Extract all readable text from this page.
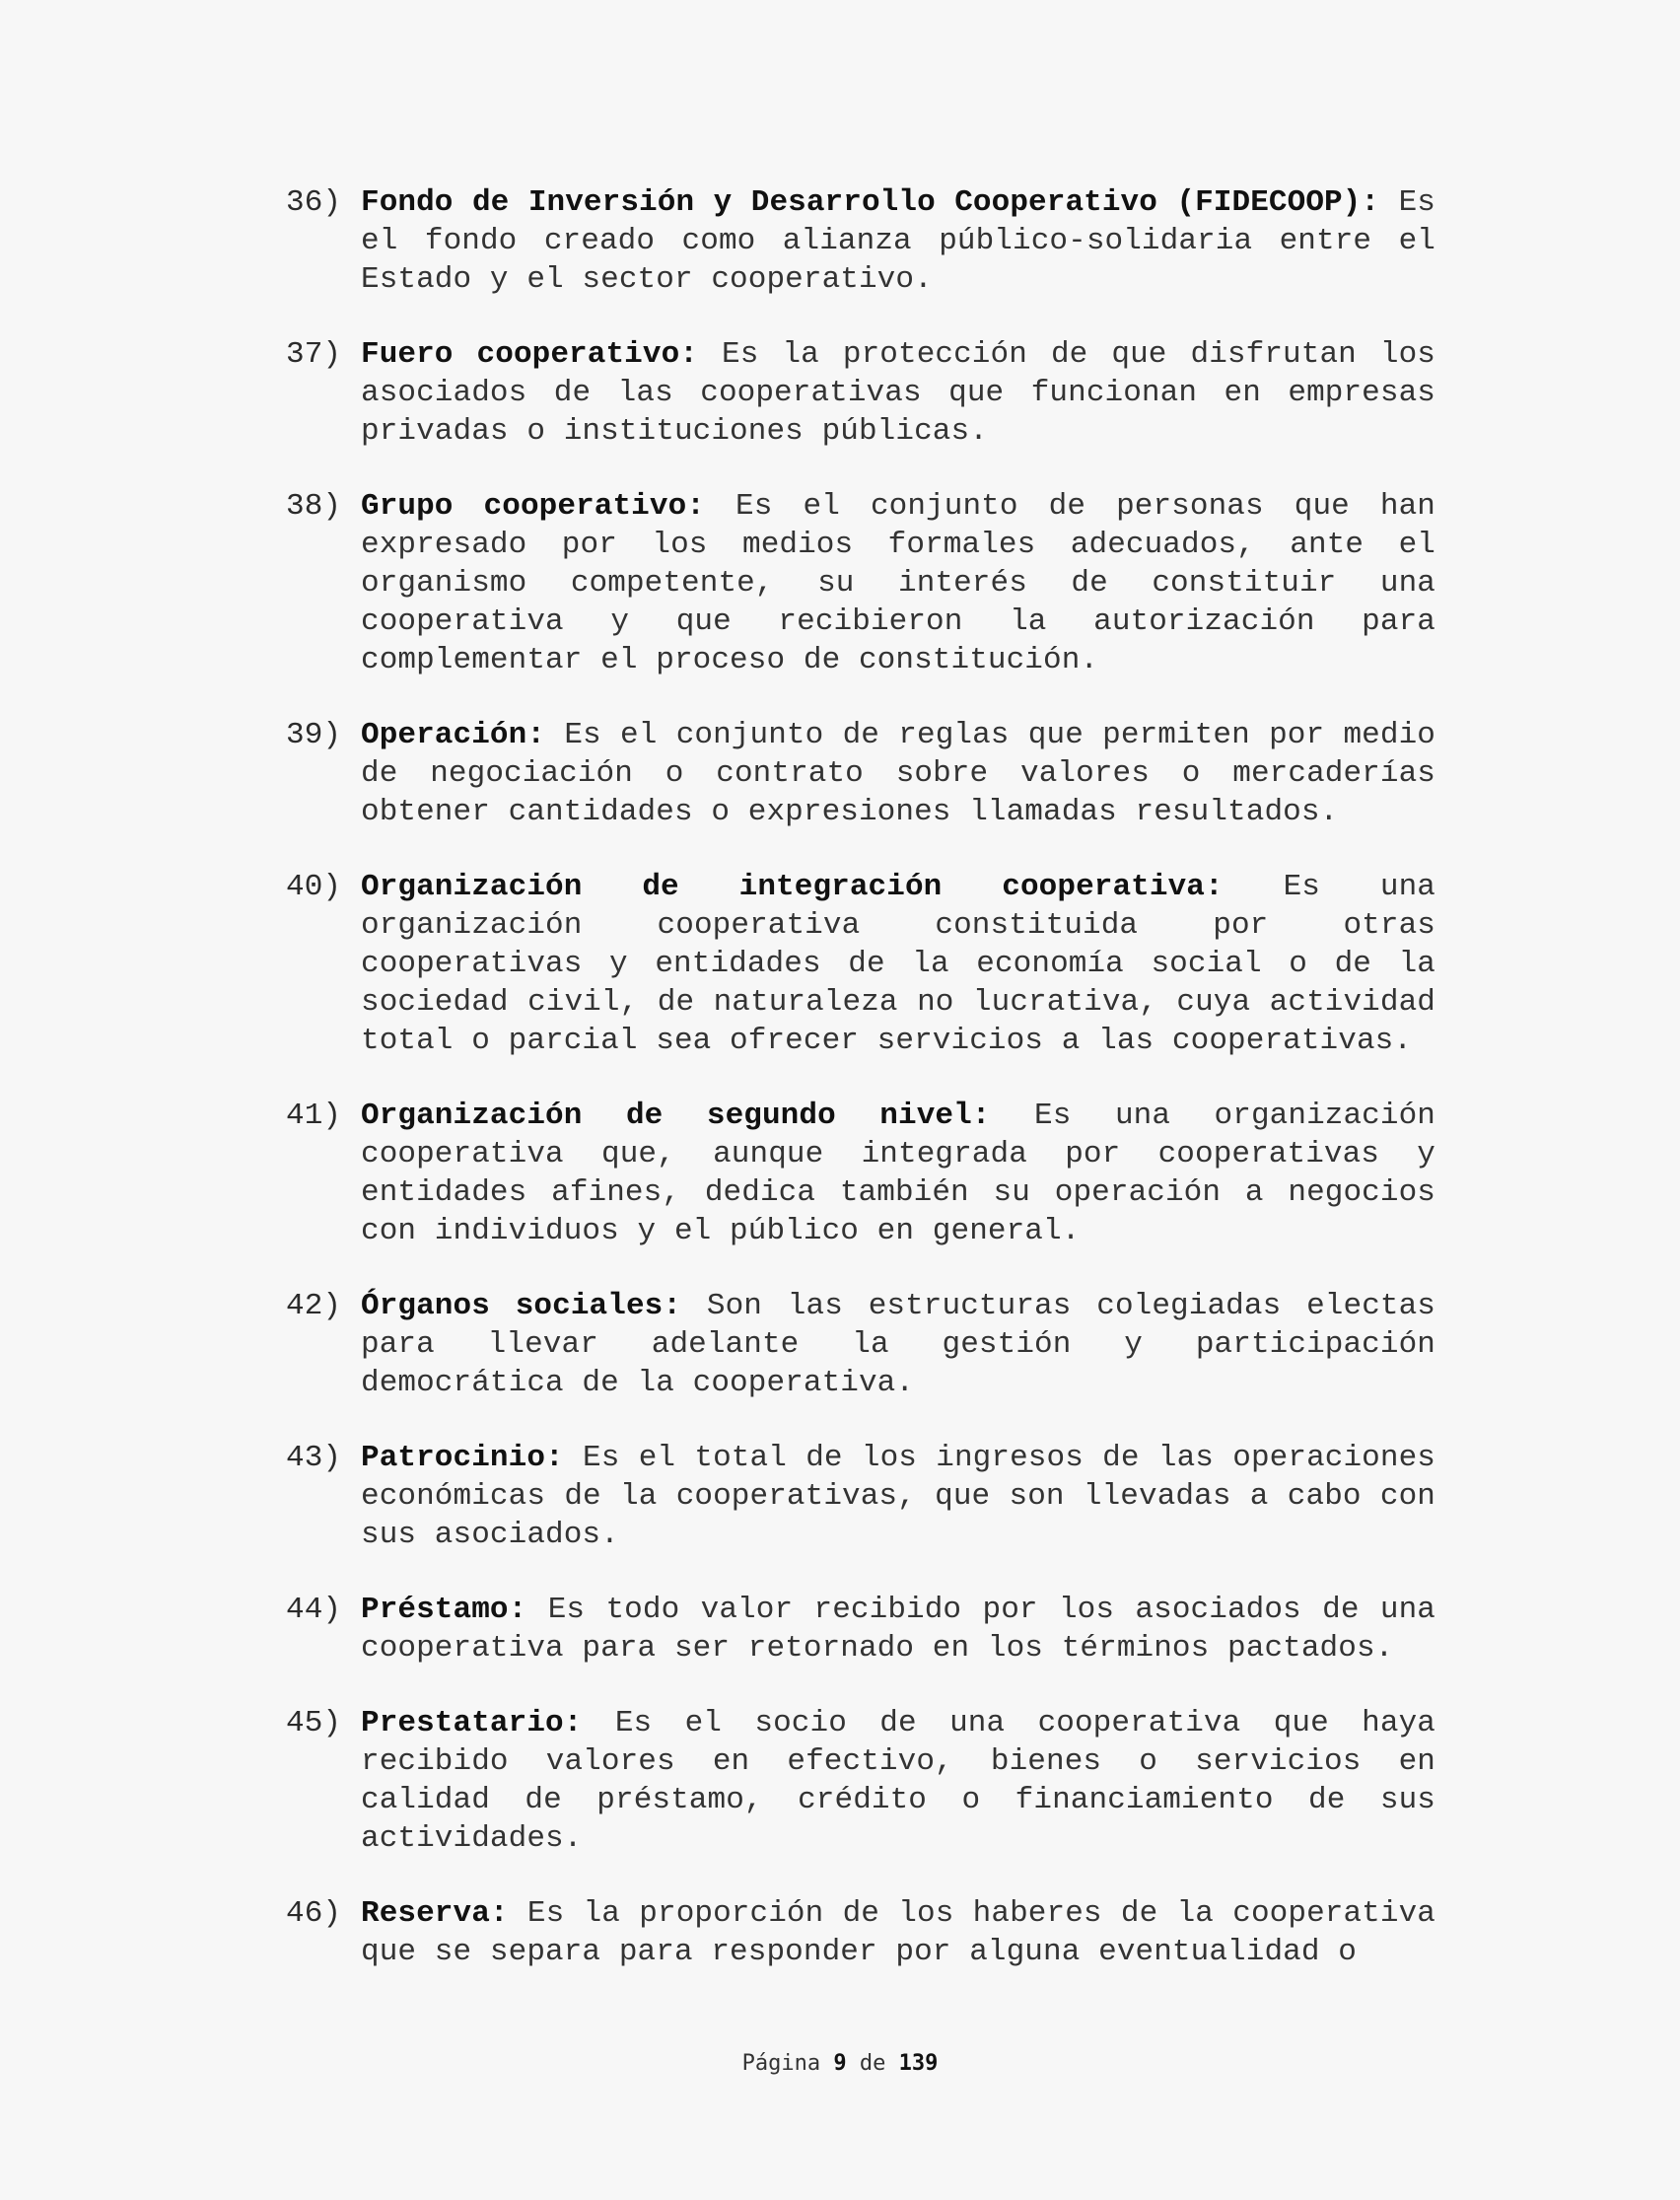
36) Fondo de Inversión y Desarrollo Cooperativo (FIDECOOP): Es el fondo creado como alianza público-solidaria entre el Estado y el sector cooperativo.
37) Fuero cooperativo: Es la protección de que disfrutan los asociados de las cooperativas que funcionan en empresas privadas o instituciones públicas.
38) Grupo cooperativo: Es el conjunto de personas que han expresado por los medios formales adecuados, ante el organismo competente, su interés de constituir una cooperativa y que recibieron la autorización para complementar el proceso de constitución.
39) Operación: Es el conjunto de reglas que permiten por medio de negociación o contrato sobre valores o mercaderías obtener cantidades o expresiones llamadas resultados.
40) Organización de integración cooperativa: Es una organización cooperativa constituida por otras cooperativas y entidades de la economía social o de la sociedad civil, de naturaleza no lucrativa, cuya actividad total o parcial sea ofrecer servicios a las cooperativas.
41) Organización de segundo nivel: Es una organización cooperativa que, aunque integrada por cooperativas y entidades afines, dedica también su operación a negocios con individuos y el público en general.
42) Órganos sociales: Son las estructuras colegiadas electas para llevar adelante la gestión y participación democrática de la cooperativa.
43) Patrocinio: Es el total de los ingresos de las operaciones económicas de la cooperativas, que son llevadas a cabo con sus asociados.
44) Préstamo: Es todo valor recibido por los asociados de una cooperativa para ser retornado en los términos pactados.
45) Prestatario: Es el socio de una cooperativa que haya recibido valores en efectivo, bienes o servicios en calidad de préstamo, crédito o financiamiento de sus actividades.
46) Reserva: Es la proporción de los haberes de la cooperativa que se separa para responder por alguna eventualidad o
Página 9 de 139
